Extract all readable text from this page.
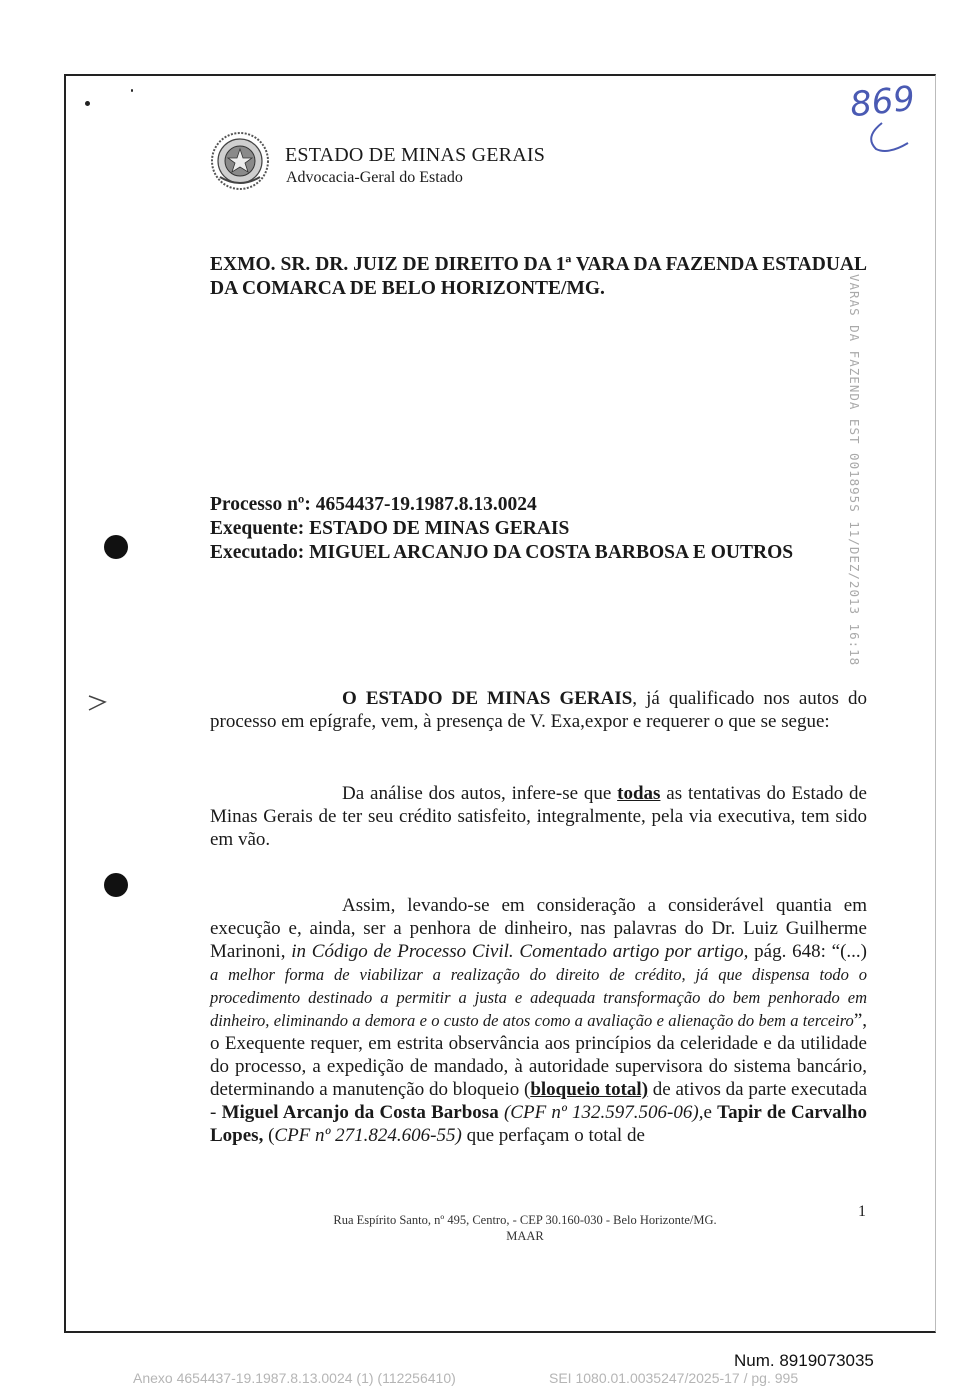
ESTADO DE MINAS GERAIS
Advocacia-Geral do Estado
869
EXMO. SR. DR. JUIZ DE DIREITO DA 1ª VARA DA FAZENDA ESTADUAL DA COMARCA DE BELO HORIZONTE/MG.	VARAS DA FAZENDA EST 001895S 11/DEZ/2013 16:18
Processo nº: 4654437-19.1987.8.13.0024
Exequente: ESTADO DE MINAS GERAIS
Executado: MIGUEL ARCANJO DA COSTA BARBOSA E OUTROS
O ESTADO DE MINAS GERAIS, já qualificado nos autos do processo em epígrafe, vem, à presença de V. Exa,expor e requerer o que se segue:
Da análise dos autos, infere-se que todas as tentativas do Estado de Minas Gerais de ter seu crédito satisfeito, integralmente, pela via executiva, tem sido em vão.
Assim, levando-se em consideração a considerável quantia em execução e, ainda, ser a penhora de dinheiro, nas palavras do Dr. Luiz Guilherme Marinoni, in Código de Processo Civil. Comentado artigo por artigo, pág. 648: “(...) a melhor forma de viabilizar a realização do direito de crédito, já que dispensa todo o procedimento destinado a permitir a justa e adequada transformação do bem penhorado em dinheiro, eliminando a demora e o custo de atos como a avaliação e alienação do bem a terceiro”, o Exequente requer, em estrita observância aos princípios da celeridade e da utilidade do processo, a expedição de mandado, à autoridade supervisora do sistema bancário, determinando a manutenção do bloqueio (bloqueio total) de ativos da parte executada - Miguel Arcanjo da Costa Barbosa (CPF nº 132.597.506-06),e Tapir de Carvalho Lopes, (CPF nº 271.824.606-55) que perfaçam o total de
1
Rua Espírito Santo, nº 495, Centro, - CEP 30.160-030 - Belo Horizonte/MG.
MAAR
Num. 8919073035
Anexo 4654437-19.1987.8.13.0024 (1) (112256410)	SEI 1080.01.0035247/2025-17 / pg. 995
